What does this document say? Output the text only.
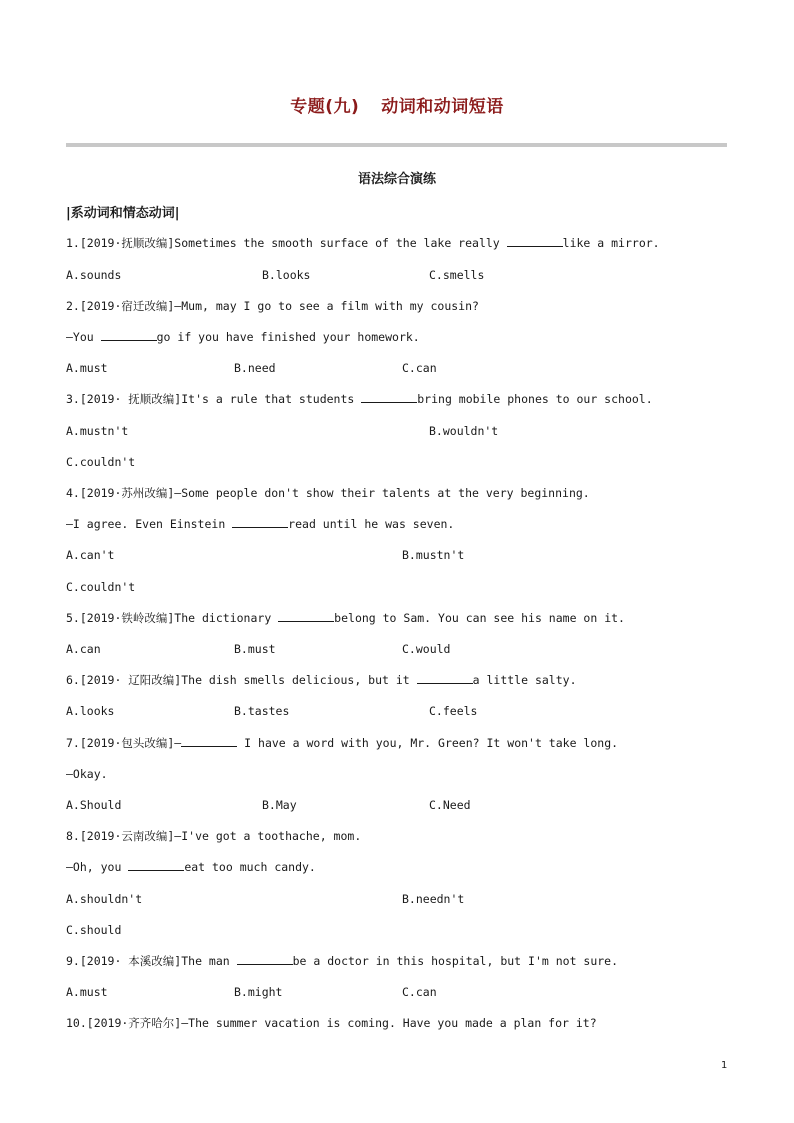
专题(九) 动词和动词短语
语法综合演练
|系动词和情态动词|
1.[2019·抚顺改编]Sometimes the smooth surface of the lake really	like a mirror.
A.sounds	B.looks	C.smells
2.[2019·宿迁改编]—Mum, may I go to see a film with my cousin?
—You	go if you have finished your homework.
A.must	B.need	C.can
3.[2019· 抚顺改编]It's a rule that students	bring mobile phones to our school.
A.mustn't	B.wouldn't
C.couldn't
4.[2019·苏州改编]—Some people don't show their talents at the very beginning.
—I agree. Even Einstein	read until he was seven.
A.can't	B.mustn't
C.couldn't
5.[2019·铁岭改编]The dictionary	belong to Sam. You can see his name on it.
A.can	B.must	C.would
6.[2019· 辽阳改编]The dish smells delicious, but it	a little salty.
A.looks	B.tastes	C.feels
7.[2019·包头改编]—	I have a word with you, Mr. Green? It won't take long.
—Okay.
A.Should	B.May	C.Need
8.[2019·云南改编]—I've got a toothache, mom.
—Oh, you	eat too much candy.
A.shouldn't	B.needn't
C.should
9.[2019· 本溪改编]The man	be a doctor in this hospital, but I'm not sure.
A.must	B.might	C.can
10.[2019·齐齐哈尔]—The summer vacation is coming. Have you made a plan for it?
1
